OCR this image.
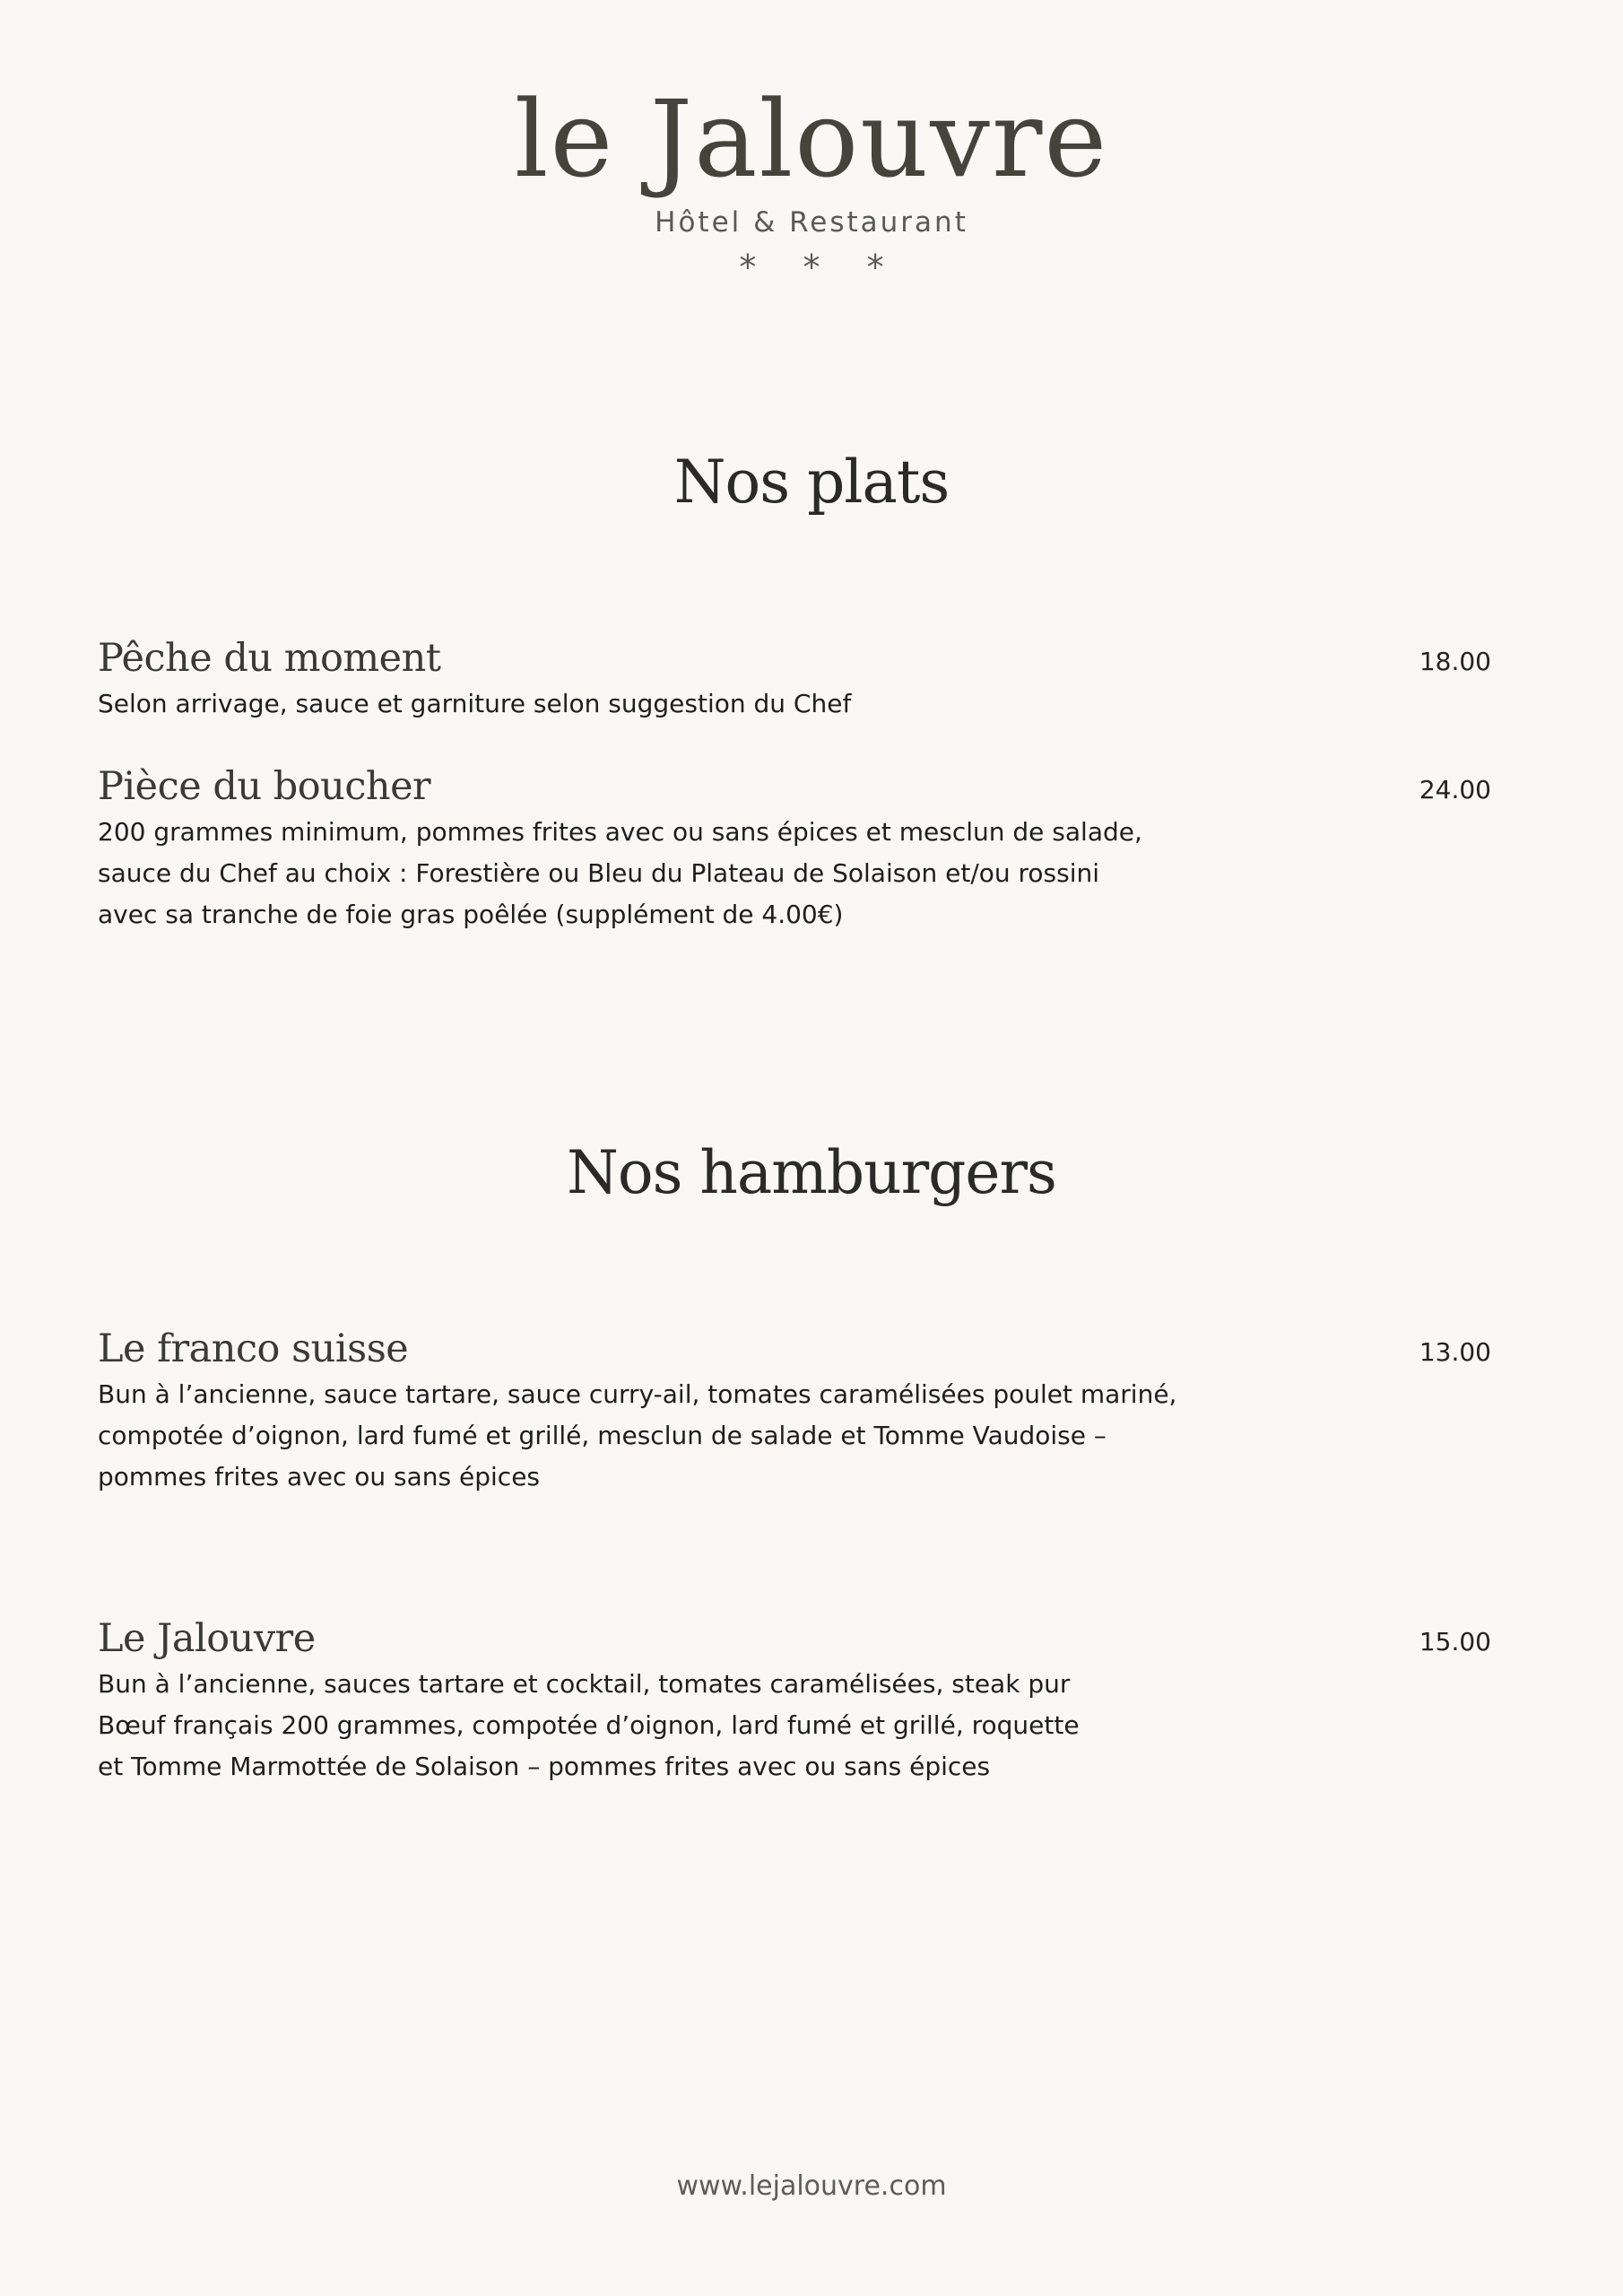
le Jalouvre
Hôtel & Restaurant
* * *
Nos plats
Pêche du moment	18.00
Selon arrivage, sauce et garniture selon suggestion du Chef
Pièce du boucher	24.00
200 grammes minimum, pommes frites avec ou sans épices et mesclun de salade,
sauce du Chef au choix : Forestière ou Bleu du Plateau de Solaison et/ou rossini
avec sa tranche de foie gras poêlée (supplément de 4.00€)
Nos hamburgers
Le franco suisse	13.00
Bun à l’ancienne, sauce tartare, sauce curry-ail, tomates caramélisées poulet mariné,
compotée d’oignon, lard fumé et grillé, mesclun de salade et Tomme Vaudoise –
pommes frites avec ou sans épices
Le Jalouvre	15.00
Bun à l’ancienne, sauces tartare et cocktail, tomates caramélisées, steak pur
Bœuf français 200 grammes, compotée d’oignon, lard fumé et grillé, roquette
et Tomme Marmottée de Solaison – pommes frites avec ou sans épices
www.lejalouvre.com
